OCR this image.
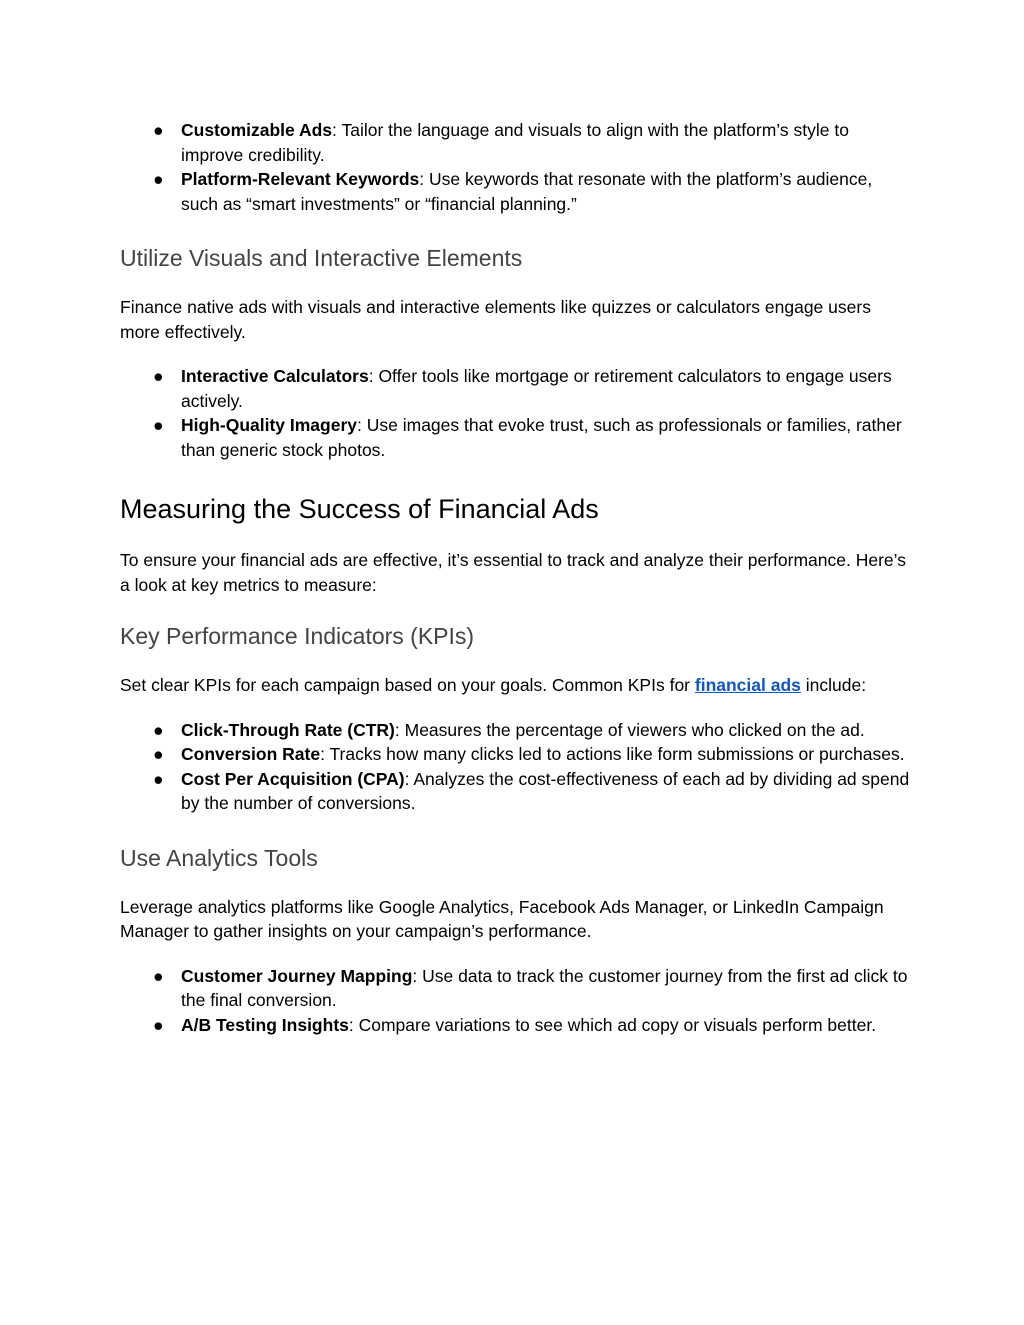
● Customizable Ads: Tailor the language and visuals to align with the platform’s style to improve credibility.
● Platform-Relevant Keywords: Use keywords that resonate with the platform’s audience, such as “smart investments” or “financial planning.”
Utilize Visuals and Interactive Elements

Finance native ads with visuals and interactive elements like quizzes or calculators engage users more effectively.

● Interactive Calculators: Offer tools like mortgage or retirement calculators to engage users actively.
● High-Quality Imagery: Use images that evoke trust, such as professionals or families, rather than generic stock photos.
Measuring the Success of Financial Ads

To ensure your financial ads are effective, it’s essential to track and analyze their performance. Here’s a look at key metrics to measure:

Key Performance Indicators (KPIs)

Set clear KPIs for each campaign based on your goals. Common KPIs for financial ads include:

● Click-Through Rate (CTR): Measures the percentage of viewers who clicked on the ad.
● Conversion Rate: Tracks how many clicks led to actions like form submissions or purchases.
● Cost Per Acquisition (CPA): Analyzes the cost-effectiveness of each ad by dividing ad spend by the number of conversions.
Use Analytics Tools

Leverage analytics platforms like Google Analytics, Facebook Ads Manager, or LinkedIn Campaign Manager to gather insights on your campaign’s performance.

● Customer Journey Mapping: Use data to track the customer journey from the first ad click to the final conversion.
● A/B Testing Insights: Compare variations to see which ad copy or visuals perform better.
